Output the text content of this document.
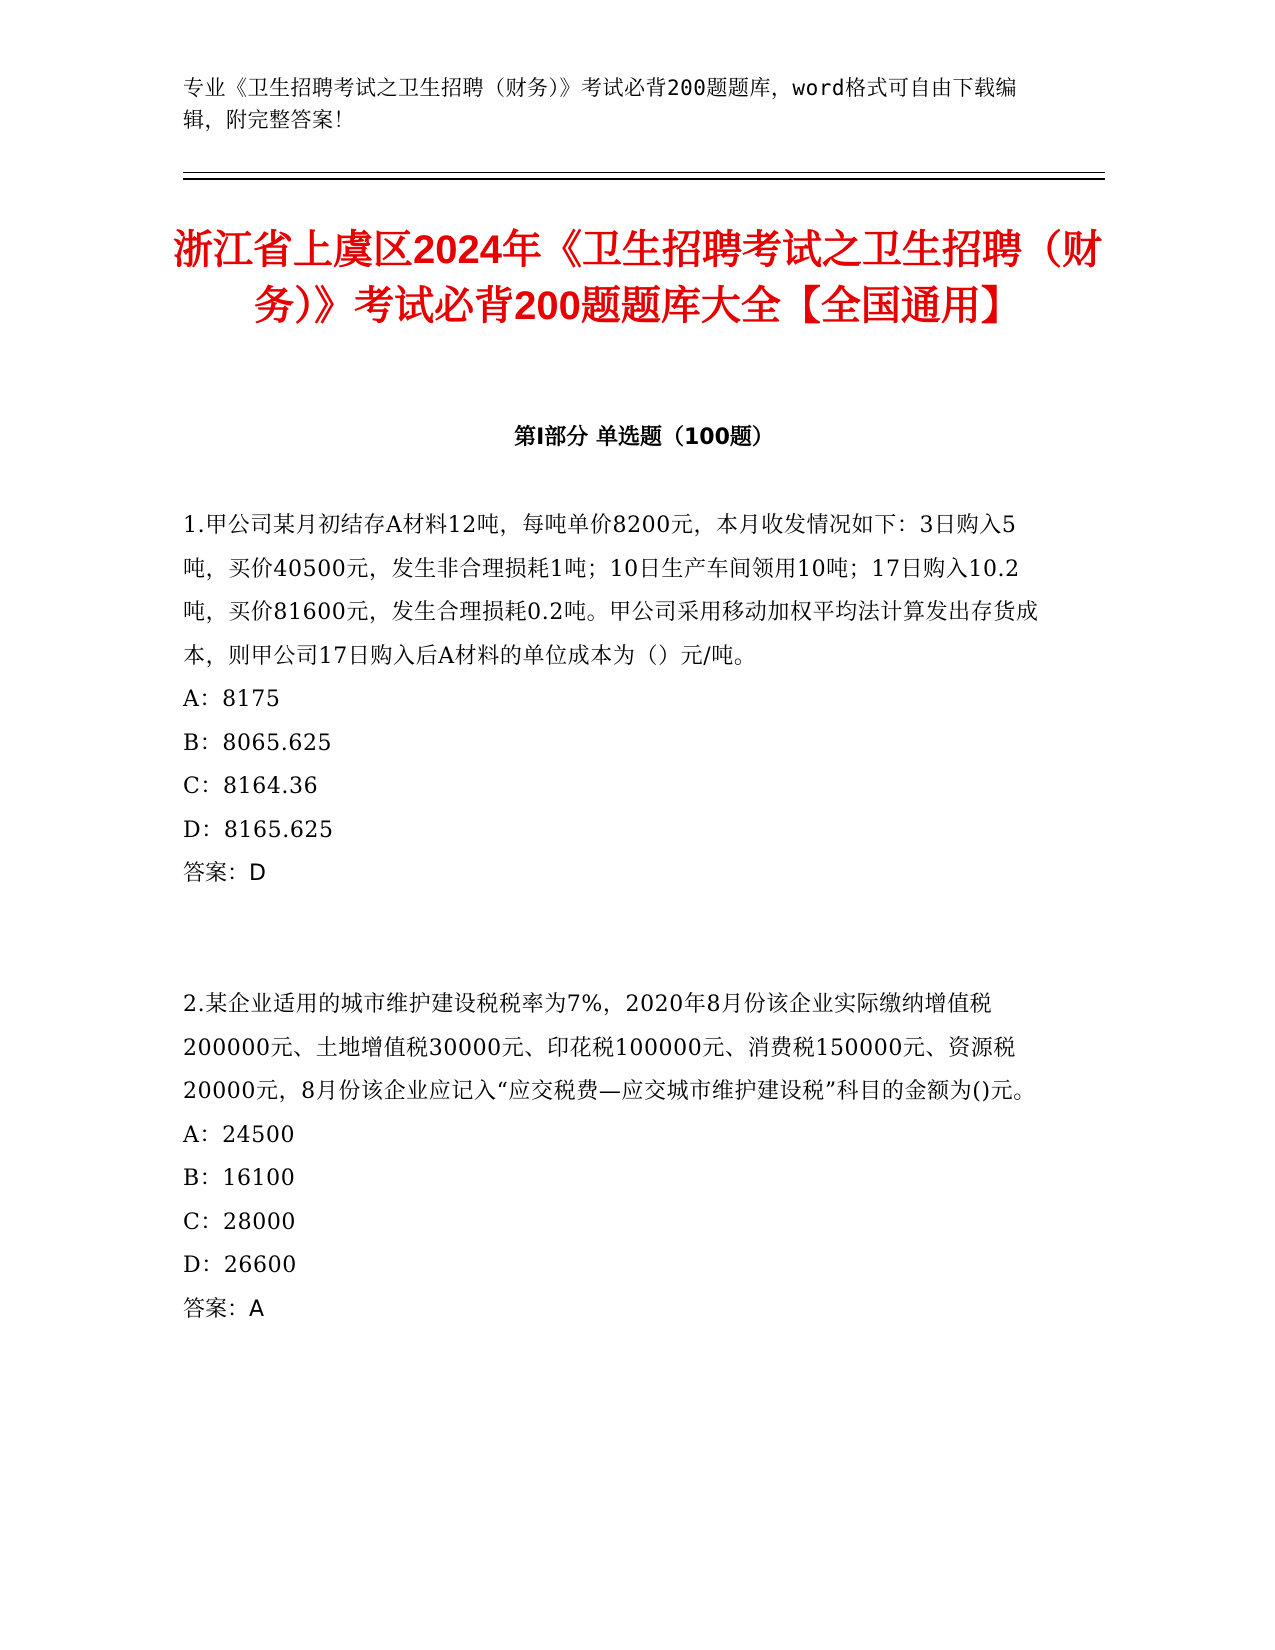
专业《卫生招聘考试之卫生招聘（财务）》考试必背200题题库，word格式可自由下载编辑，附完整答案！
浙江省上虞区2024年《卫生招聘考试之卫生招聘（财务）》考试必背200题题库大全【全国通用】
第I部分 单选题（100题）

1.甲公司某月初结存A材料12吨，每吨单价8200元，本月收发情况如下：3日购入5吨，买价40500元，发生非合理损耗1吨；10日生产车间领用10吨；17日购入10.2吨，买价81600元，发生合理损耗0.2吨。甲公司采用移动加权平均法计算发出存货成本，则甲公司17日购入后A材料的单位成本为（）元/吨。

A：8175
B：8065.625
C：8164.36
D：8165.625
答案：D

2.某企业适用的城市维护建设税税率为7%，2020年8月份该企业实际缴纳增值税200000元、土地增值税30000元、印花税100000元、消费税150000元、资源税20000元，8月份该企业应记入“应交税费—应交城市维护建设税”科目的金额为()元。

A：24500
B：16100
C：28000
D：26600
答案：A
